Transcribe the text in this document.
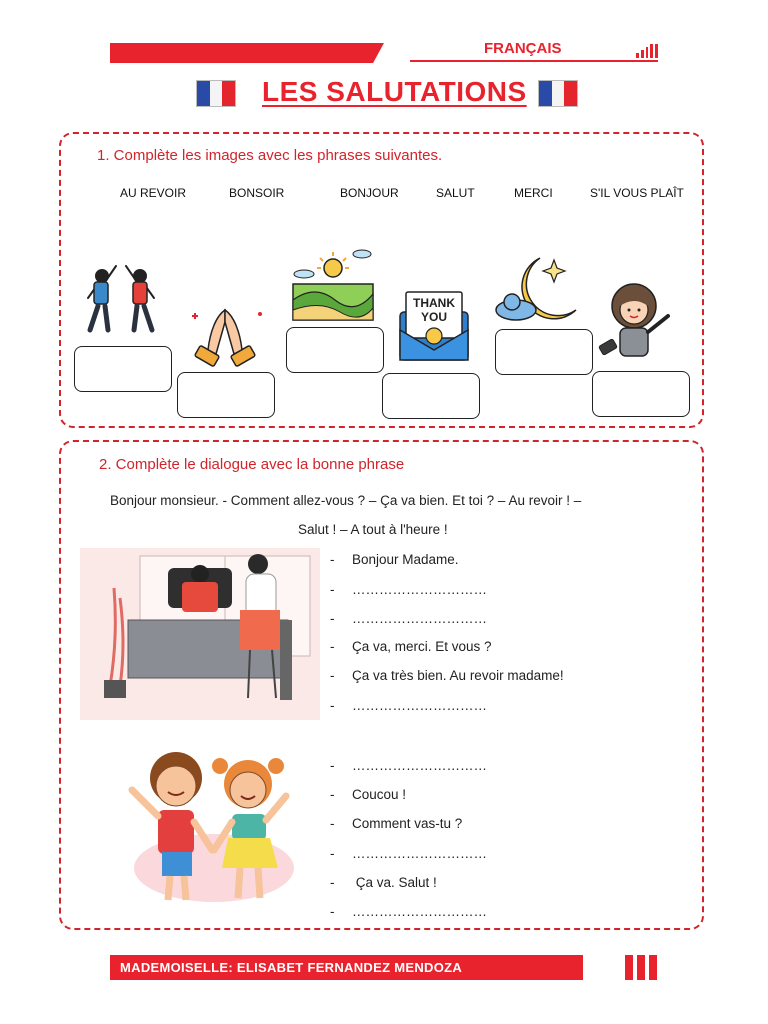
FRANÇAIS
LES SALUTATIONS
1. Complète les images avec les phrases suivantes.
AU REVOIR	BONSOIR	BONJOUR	SALUT	MERCI	S'IL VOUS PLAÎT
THANK
YOU
2. Complète le dialogue avec la bonne phrase
Bonjour monsieur. - Comment allez-vous ? – Ça va bien. Et toi ? – Au revoir ! –
Salut ! – A tout à l'heure !
- Bonjour Madame.
- …………………………
- …………………………
- Ça va, merci. Et vous ?
- Ça va très bien. Au revoir madame!
- …………………………
- …………………………
- Coucou !
- Comment vas-tu ?
- …………………………
- Ça va. Salut !
- …………………………
MADEMOISELLE: ELISABET FERNANDEZ MENDOZA
